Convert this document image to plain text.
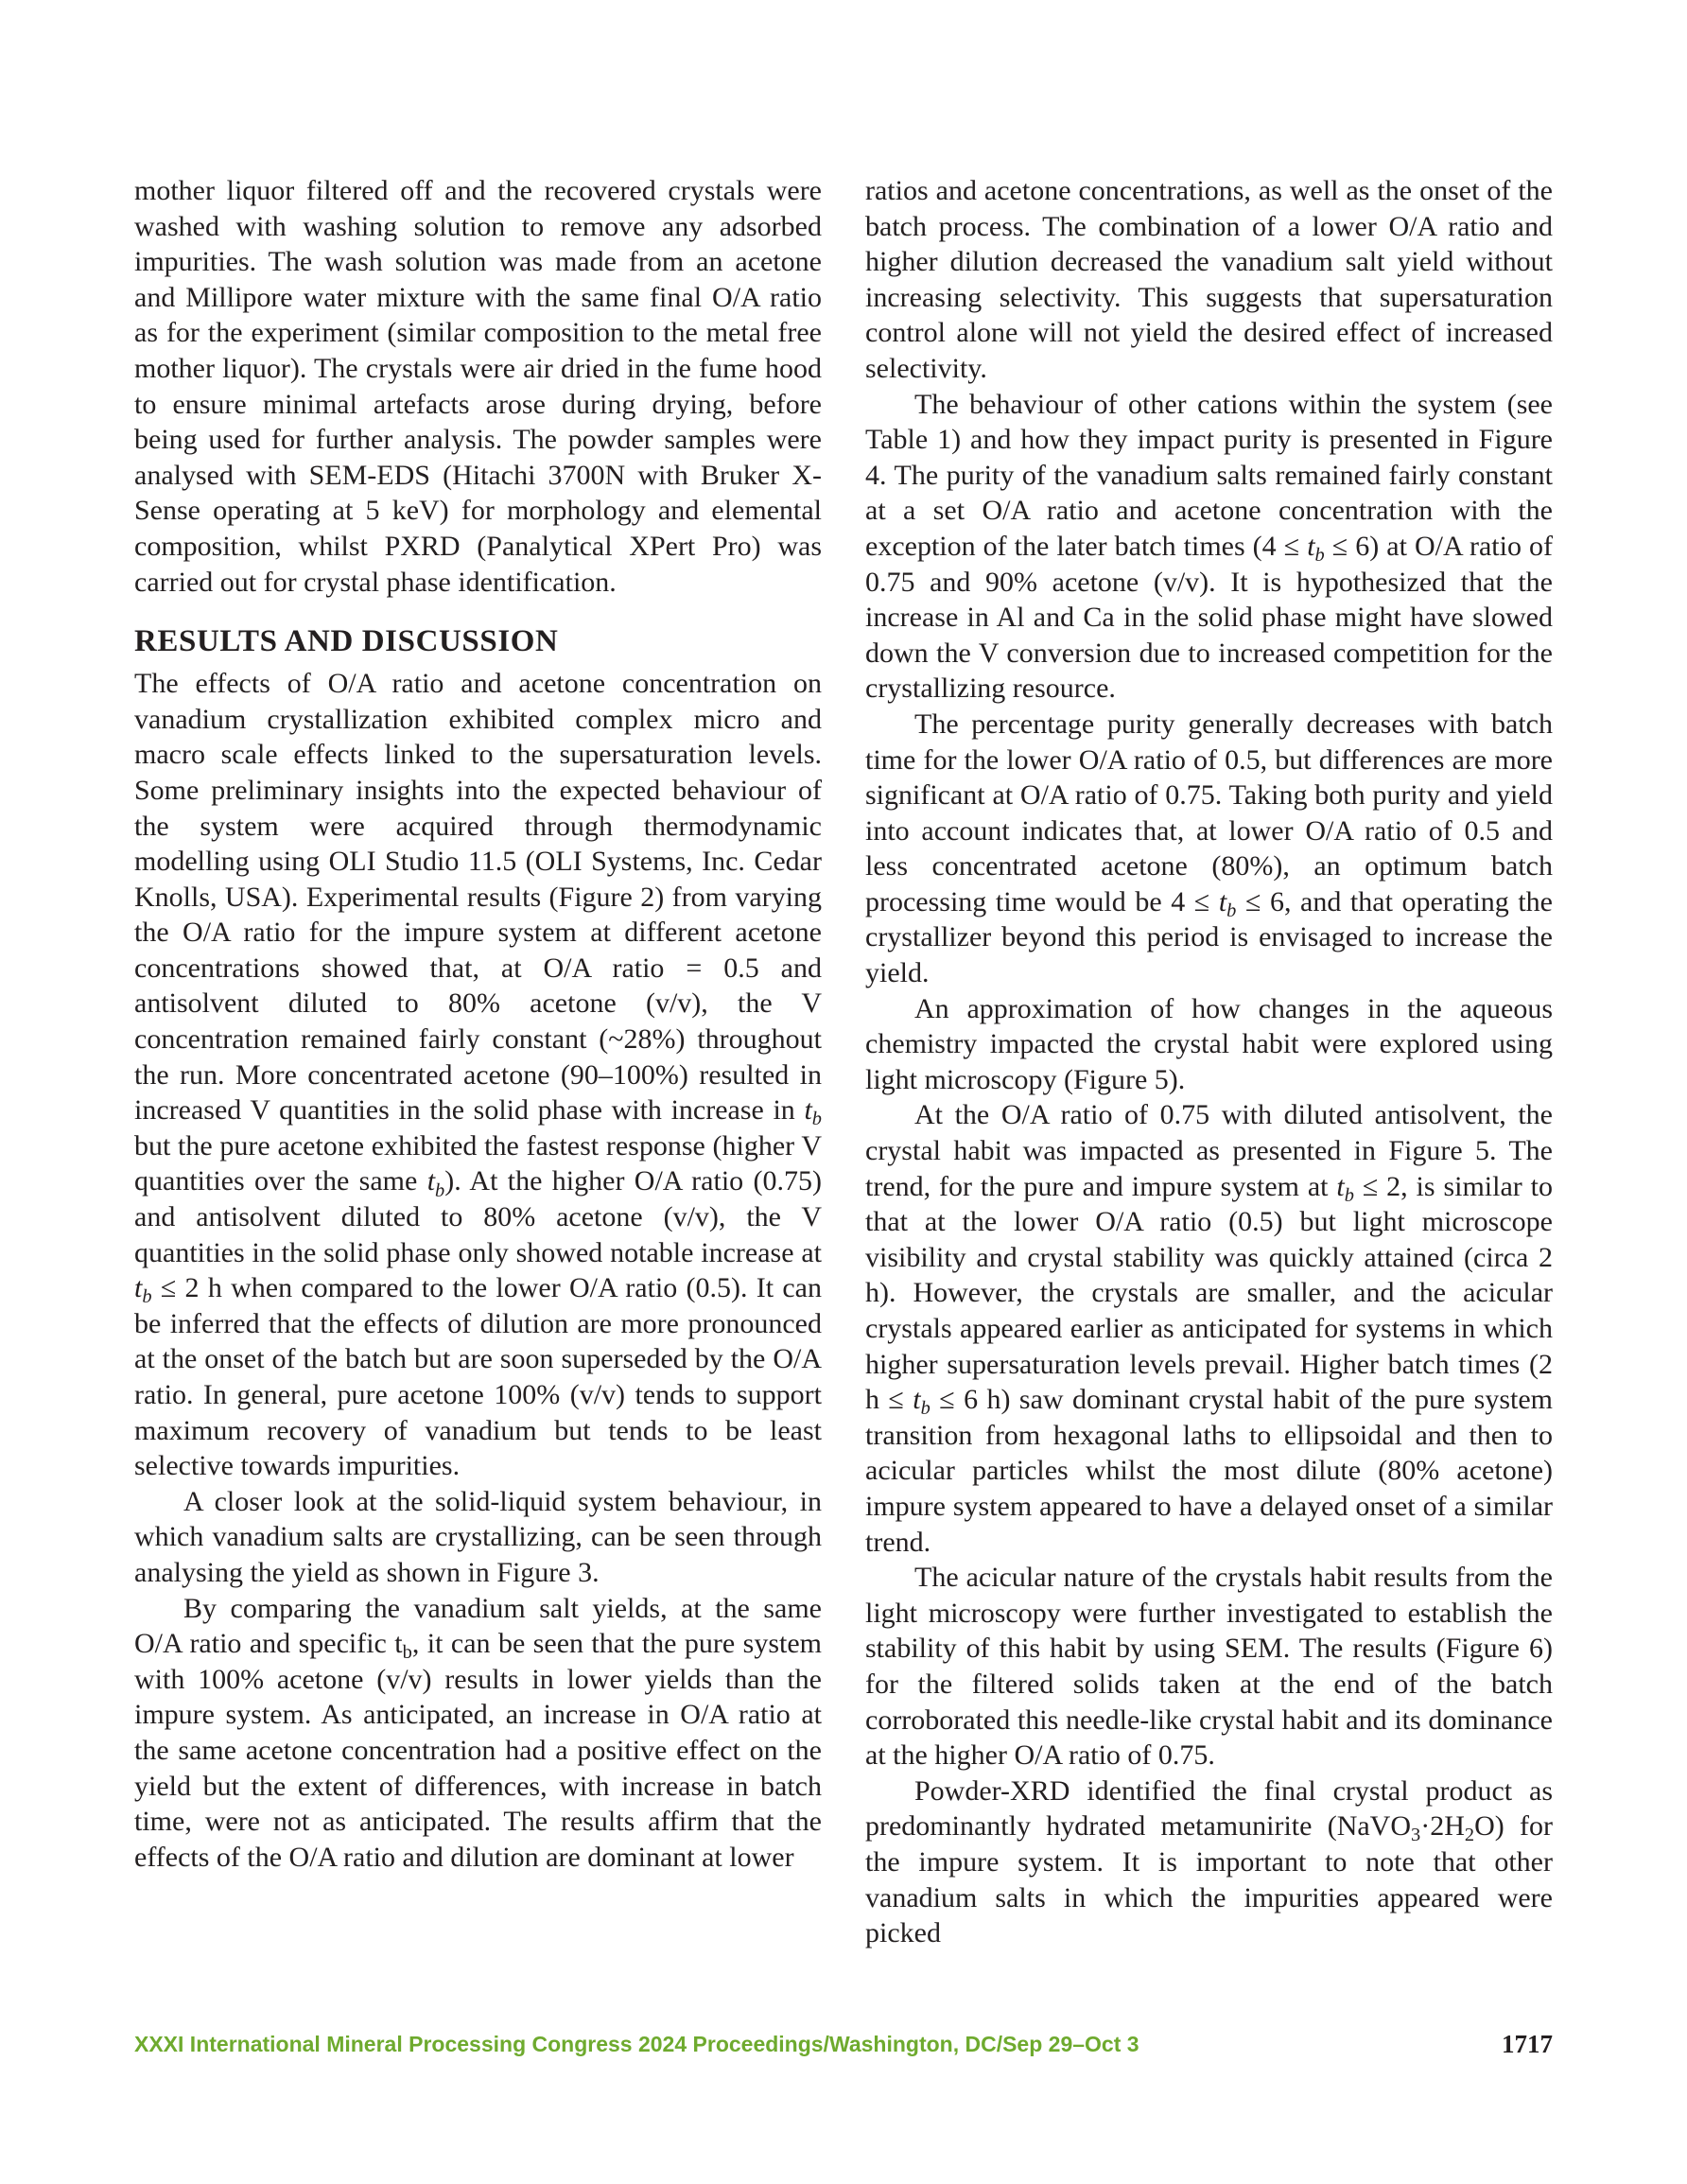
mother liquor filtered off and the recovered crystals were washed with washing solution to remove any adsorbed impurities. The wash solution was made from an acetone and Millipore water mixture with the same final O/A ratio as for the experiment (similar composition to the metal free mother liquor). The crystals were air dried in the fume hood to ensure minimal artefacts arose during drying, before being used for further analysis. The powder samples were analysed with SEM-EDS (Hitachi 3700N with Bruker X-Sense operating at 5 keV) for morphology and elemental composition, whilst PXRD (Panalytical XPert Pro) was carried out for crystal phase identification.

RESULTS AND DISCUSSION

The effects of O/A ratio and acetone concentration on vanadium crystallization exhibited complex micro and macro scale effects linked to the supersaturation levels. Some preliminary insights into the expected behaviour of the system were acquired through thermodynamic modelling using OLI Studio 11.5 (OLI Systems, Inc. Cedar Knolls, USA). Experimental results (Figure 2) from varying the O/A ratio for the impure system at different acetone concentrations showed that, at O/A ratio = 0.5 and antisolvent diluted to 80% acetone (v/v), the V concentration remained fairly constant (~28%) throughout the run. More concentrated acetone (90–100%) resulted in increased V quantities in the solid phase with increase in $t_b$ but the pure acetone exhibited the fastest response (higher V quantities over the same $t_b$). At the higher O/A ratio (0.75) and antisolvent diluted to 80% acetone (v/v), the V quantities in the solid phase only showed notable increase at $t_b \le 2$ h when compared to the lower O/A ratio (0.5). It can be inferred that the effects of dilution are more pronounced at the onset of the batch but are soon superseded by the O/A ratio. In general, pure acetone 100% (v/v) tends to support maximum recovery of vanadium but tends to be least selective towards impurities.

A closer look at the solid-liquid system behaviour, in which vanadium salts are crystallizing, can be seen through analysing the yield as shown in Figure 3.

By comparing the vanadium salt yields, at the same O/A ratio and specific $t_b$, it can be seen that the pure system with 100% acetone (v/v) results in lower yields than the impure system. As anticipated, an increase in O/A ratio at the same acetone concentration had a positive effect on the yield but the extent of differences, with increase in batch time, were not as anticipated. The results affirm that the effects of the O/A ratio and dilution are dominant at lower

ratios and acetone concentrations, as well as the onset of the batch process. The combination of a lower O/A ratio and higher dilution decreased the vanadium salt yield without increasing selectivity. This suggests that supersaturation control alone will not yield the desired effect of increased selectivity.

The behaviour of other cations within the system (see Table 1) and how they impact purity is presented in Figure 4. The purity of the vanadium salts remained fairly constant at a set O/A ratio and acetone concentration with the exception of the later batch times $(4 \le t_b \le 6)$ at O/A ratio of 0.75 and 90% acetone (v/v). It is hypothesized that the increase in Al and Ca in the solid phase might have slowed down the V conversion due to increased competition for the crystallizing resource.

The percentage purity generally decreases with batch time for the lower O/A ratio of 0.5, but differences are more significant at O/A ratio of 0.75. Taking both purity and yield into account indicates that, at lower O/A ratio of 0.5 and less concentrated acetone (80%), an optimum batch processing time would be $4 \le t_b \le 6$, and that operating the crystallizer beyond this period is envisaged to increase the yield.

An approximation of how changes in the aqueous chemistry impacted the crystal habit were explored using light microscopy (Figure 5).

At the O/A ratio of 0.75 with diluted antisolvent, the crystal habit was impacted as presented in Figure 5. The trend, for the pure and impure system at $t_b \le 2$, is similar to that at the lower O/A ratio (0.5) but light microscope visibility and crystal stability was quickly attained (circa 2 h). However, the crystals are smaller, and the acicular crystals appeared earlier as anticipated for systems in which higher supersaturation levels prevail. Higher batch times (2 $h \le t_b \le 6$ h) saw dominant crystal habit of the pure system transition from hexagonal laths to ellipsoidal and then to acicular particles whilst the most dilute (80% acetone) impure system appeared to have a delayed onset of a similar trend.

The acicular nature of the crystals habit results from the light microscopy were further investigated to establish the stability of this habit by using SEM. The results (Figure 6) for the filtered solids taken at the end of the batch corroborated this needle-like crystal habit and its dominance at the higher O/A ratio of 0.75.

Powder-XRD identified the final crystal product as predominantly hydrated metamunirite $(NaVO_3\cdot 2H_2O)$ for the impure system. It is important to note that other vanadium salts in which the impurities appeared were picked

XXXI International Mineral Processing Congress 2024 Proceedings/Washington, DC/Sep 29–Oct 3	1717
